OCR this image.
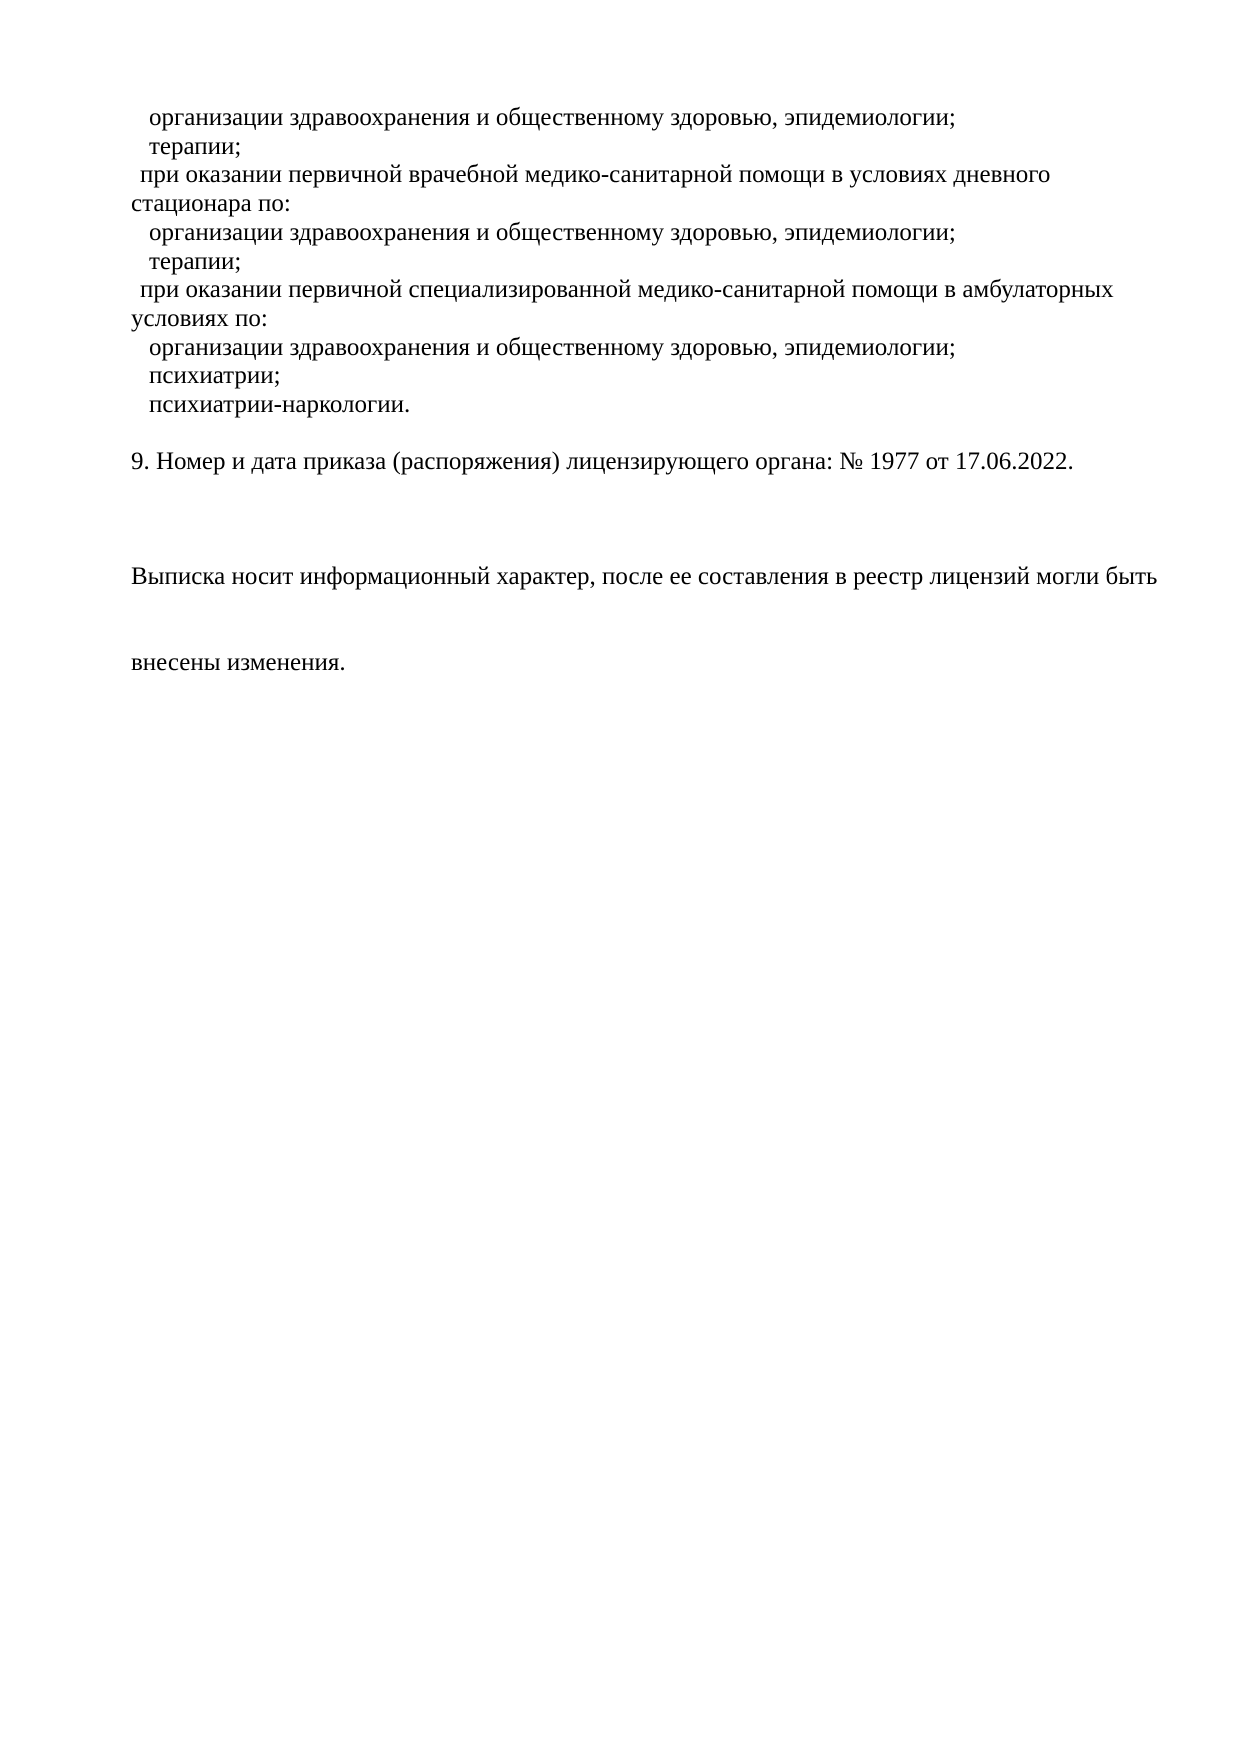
организации здравоохранения и общественному здоровью, эпидемиологии;
терапии;
при оказании первичной врачебной медико-санитарной помощи в условиях дневного
стационара по:
организации здравоохранения и общественному здоровью, эпидемиологии;
терапии;
при оказании первичной специализированной медико-санитарной помощи в амбулаторных
условиях по:
организации здравоохранения и общественному здоровью, эпидемиологии;
психиатрии;
психиатрии-наркологии.
9. Номер и дата приказа (распоряжения) лицензирующего органа: № 1977 от 17.06.2022.

Выписка носит информационный характер, после ее составления в реестр лицензий могли быть

внесены изменения.
